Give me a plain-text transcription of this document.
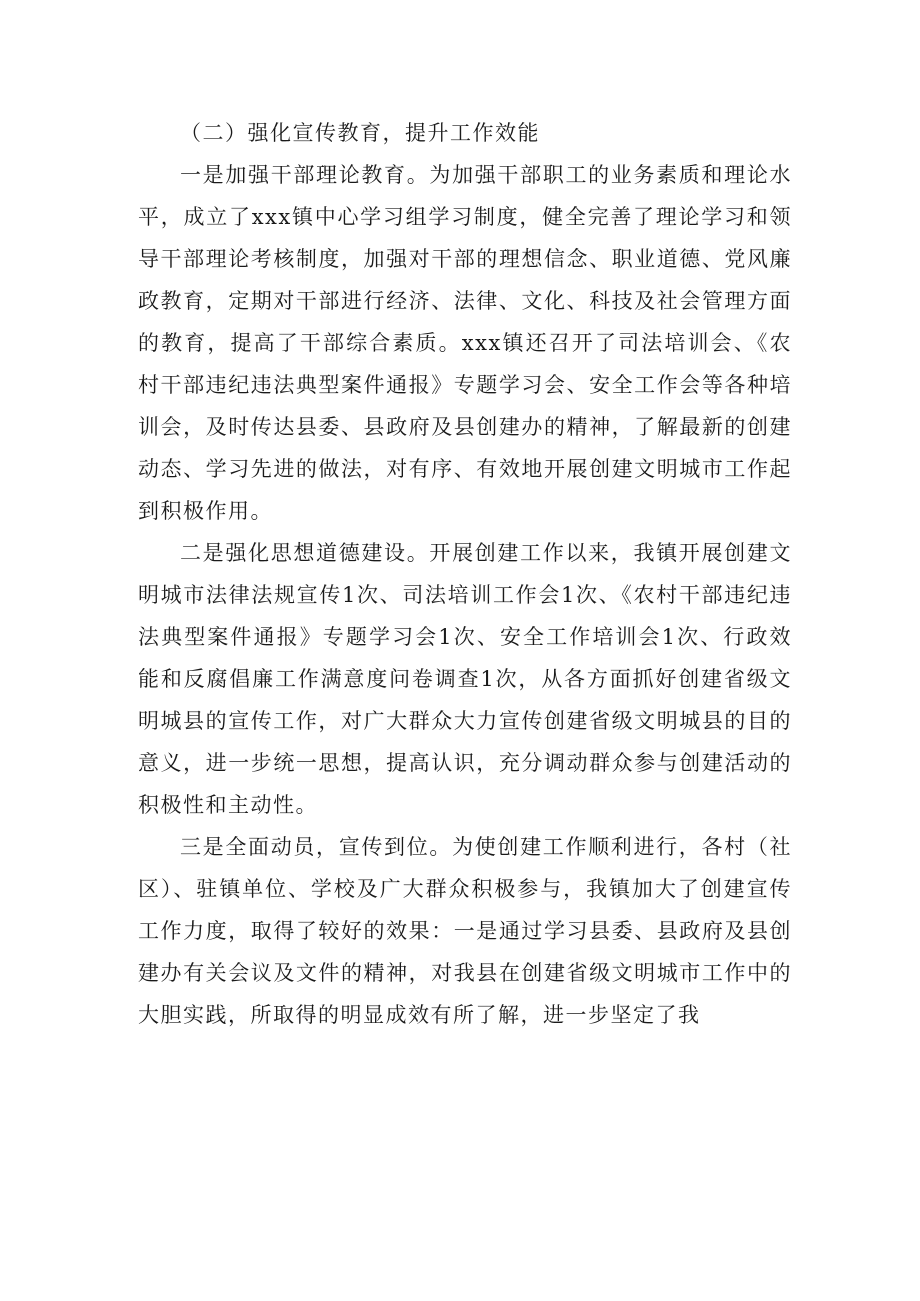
（二）强化宣传教育，提升工作效能

一是加强干部理论教育。为加强干部职工的业务素质和理论水平，成立了xxx镇中心学习组学习制度，健全完善了理论学习和领导干部理论考核制度，加强对干部的理想信念、职业道德、党风廉政教育，定期对干部进行经济、法律、文化、科技及社会管理方面的教育，提高了干部综合素质。xxx镇还召开了司法培训会、《农村干部违纪违法典型案件通报》专题学习会、安全工作会等各种培训会，及时传达县委、县政府及县创建办的精神，了解最新的创建动态、学习先进的做法，对有序、有效地开展创建文明城市工作起到积极作用。

二是强化思想道德建设。开展创建工作以来，我镇开展创建文明城市法律法规宣传1次、司法培训工作会1次、《农村干部违纪违法典型案件通报》专题学习会1次、安全工作培训会1次、行政效能和反腐倡廉工作满意度问卷调查1次，从各方面抓好创建省级文明城县的宣传工作，对广大群众大力宣传创建省级文明城县的目的意义，进一步统一思想，提高认识，充分调动群众参与创建活动的积极性和主动性。

三是全面动员，宣传到位。为使创建工作顺利进行，各村（社区）、驻镇单位、学校及广大群众积极参与，我镇加大了创建宣传工作力度，取得了较好的效果：一是通过学习县委、县政府及县创建办有关会议及文件的精神，对我县在创建省级文明城市工作中的大胆实践，所取得的明显成效有所了解，进一步坚定了我
